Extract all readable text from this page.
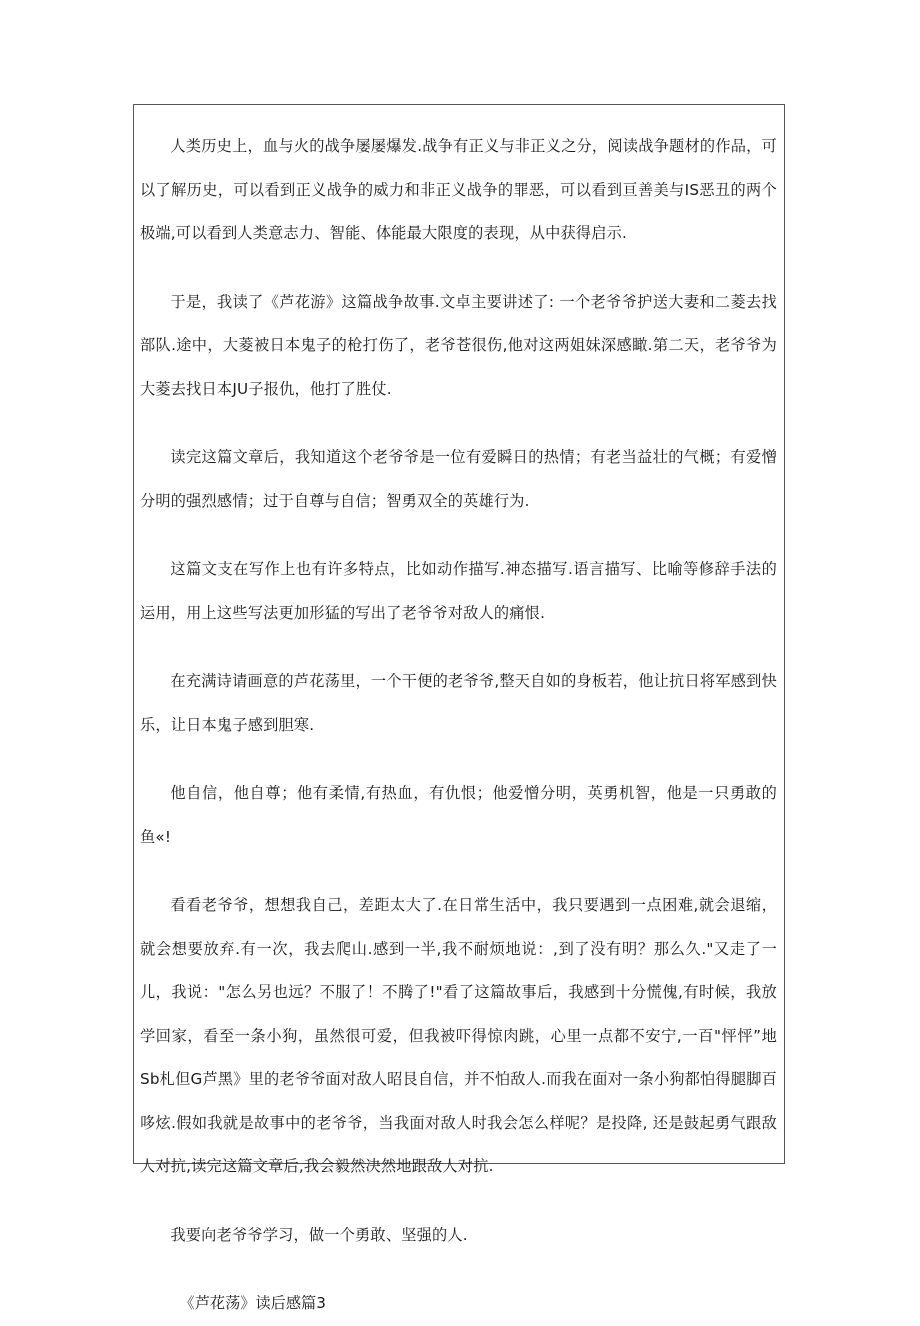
人类历史上，血与火的战争屡屡爆发.战争有正义与非正义之分，阅读战争题材的作品，可以了解历史，可以看到正义战争的威力和非正义战争的罪恶，可以看到亘善美与IS恶丑的两个极端,可以看到人类意志力、智能、体能最大限度的表现，从中获得启示.

于是，我读了《芦花游》这篇战争故事.文卓主要讲述了: 一个老爷爷护送大妻和二菱去找部队.途中，大菱被日本鬼子的枪打伤了，老爷苍很伤,他对这两姐妹深感瞰.第二天，老爷爷为大菱去找日本JU子报仇，他打了胜仗.

读完这篇文章后，我知道这个老爷爷是一位有爱瞬日的热情；有老当益壮的气概；有爱憎分明的强烈感情；过于自尊与自信；智勇双全的英雄行为.

这篇文支在写作上也有许多特点，比如动作描写.神态描写.语言描写、比喻等修辞手法的运用，用上这些写法更加形猛的写出了老爷爷对敌人的痛恨.

在充满诗请画意的芦花荡里，一个干便的老爷爷,整天自如的身板若，他让抗日将军感到快乐，让日本鬼子感到胆寒.

他自信，他自尊；他有柔情,有热血，有仇恨；他爱憎分明，英勇机智，他是一只勇敢的鱼«!

看看老爷爷，想想我自己，差距太大了.在日常生活中，我只要遇到一点困难,就会退缩，就会想要放弃.有一次，我去爬山.感到一半,我不耐烦地说：,到了没有明？那么久."又走了一儿，我说："怎么另也远？不服了！不腾了!"看了这篇故事后，我感到十分慌傀,有时候，我放学回家，看至一条小狗，虽然很可爱，但我被吓得惊肉跳，心里一点都不安宁,一百"怦怦”地Sb札但G芦黑》里的老爷爷面对敌人昭艮自信，并不怕敌人.而我在面对一条小狗都怕得腿脚百哆炫.假如我就是故事中的老爷爷，当我面对敌人时我会怎么样呢？是投降, 还是鼓起勇气跟敌人对抗,读完这篇文章后,我会毅然决然地跟敌人对抗.

我要向老爷爷学习，做一个勇敢、坚强的人.

《芦花荡》读后感篇3
